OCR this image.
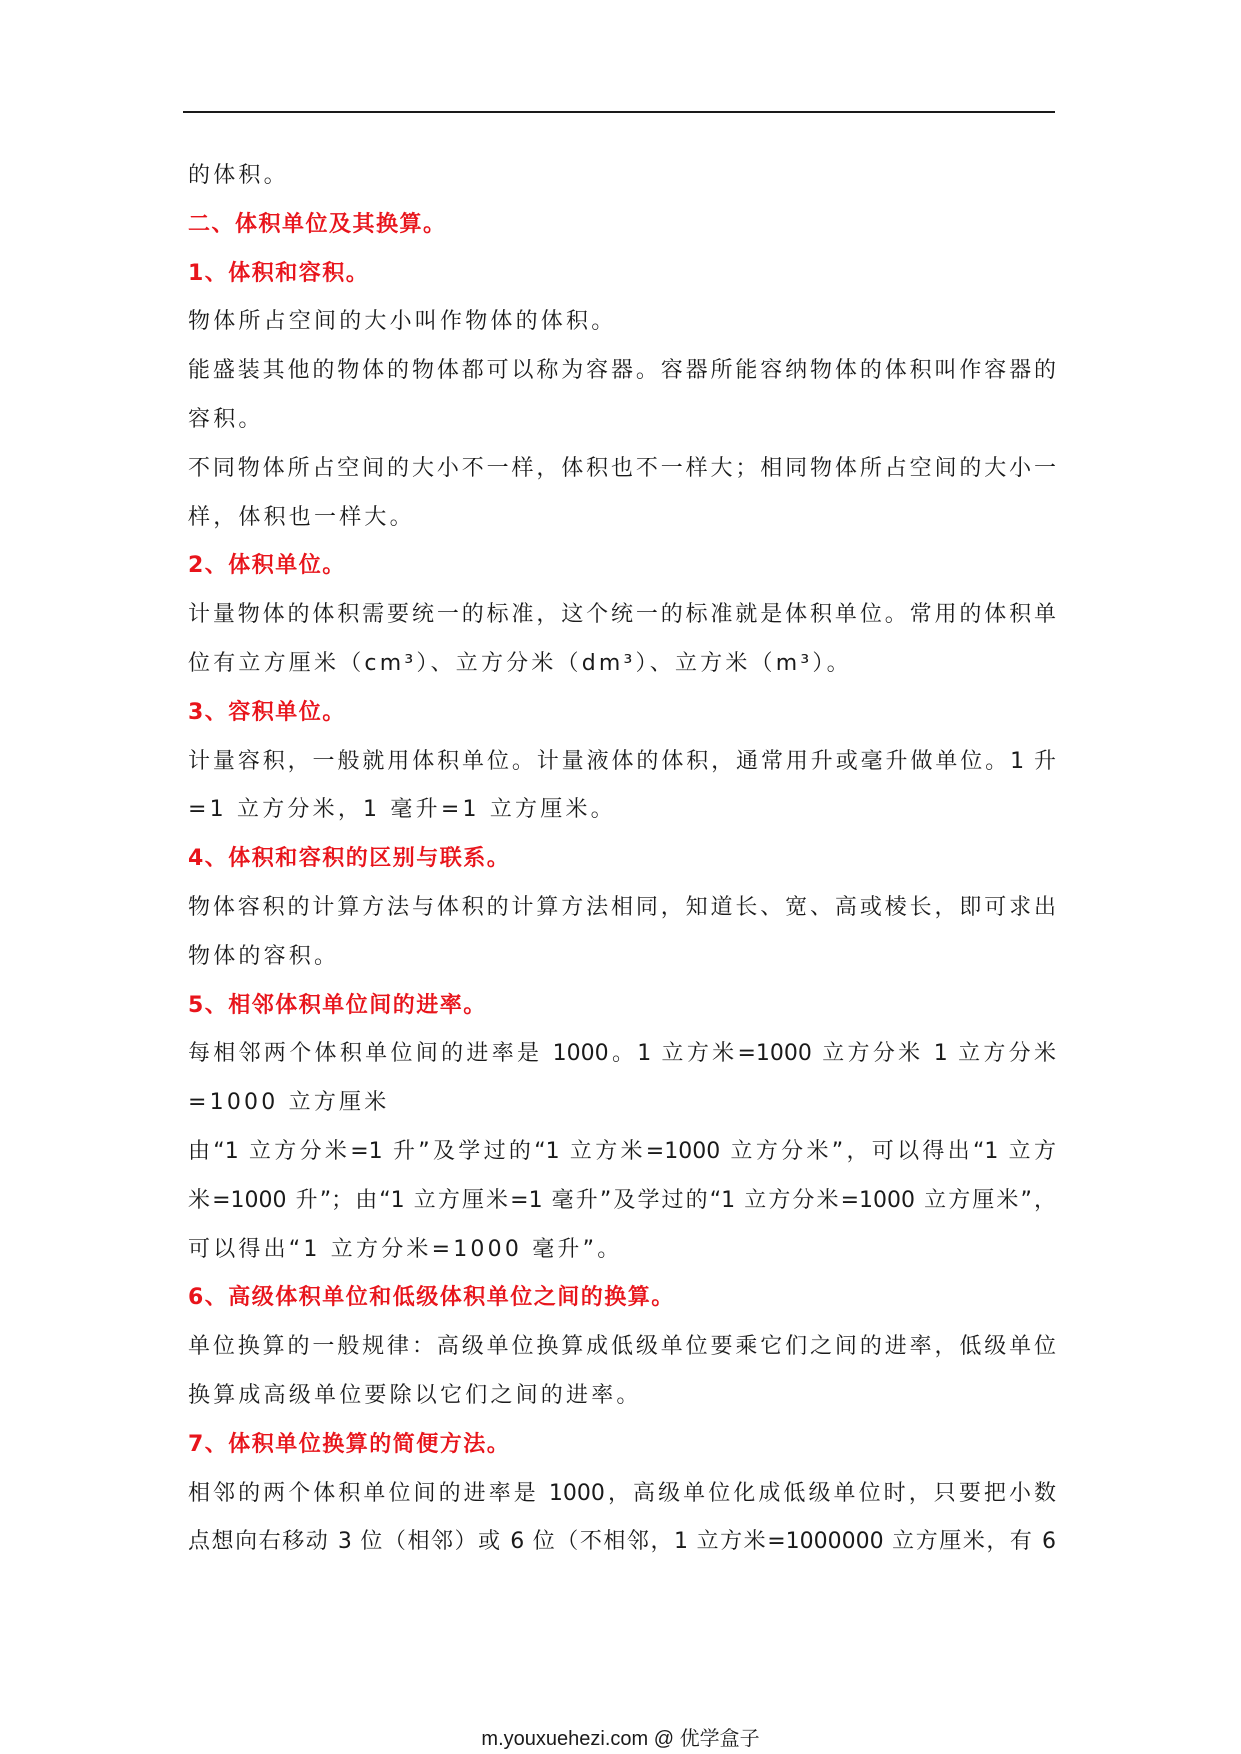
的体积。
二、体积单位及其换算。
1、体积和容积。
物体所占空间的大小叫作物体的体积。
能盛装其他的物体的物体都可以称为容器。容器所能容纳物体的体积叫作容器的
容积。
不同物体所占空间的大小不一样，体积也不一样大；相同物体所占空间的大小一
样，体积也一样大。
2、体积单位。
计量物体的体积需要统一的标准，这个统一的标准就是体积单位。常用的体积单
位有立方厘米（cm³）、立方分米（dm³）、立方米（m³）。
3、容积单位。
计量容积，一般就用体积单位。计量液体的体积，通常用升或毫升做单位。1 升
=1 立方分米，1 毫升=1 立方厘米。
4、体积和容积的区别与联系。
物体容积的计算方法与体积的计算方法相同，知道长、宽、高或棱长，即可求出
物体的容积。
5、相邻体积单位间的进率。
每相邻两个体积单位间的进率是 1000。1 立方米=1000 立方分米 1 立方分米
=1000 立方厘米
由“1 立方分米=1 升”及学过的“1 立方米=1000 立方分米”，可以得出“1 立方
米=1000 升”；由“1 立方厘米=1 毫升”及学过的“1 立方分米=1000 立方厘米”，
可以得出“1 立方分米=1000 毫升”。
6、高级体积单位和低级体积单位之间的换算。
单位换算的一般规律：高级单位换算成低级单位要乘它们之间的进率，低级单位
换算成高级单位要除以它们之间的进率。
7、体积单位换算的简便方法。
相邻的两个体积单位间的进率是 1000，高级单位化成低级单位时，只要把小数
点想向右移动 3 位（相邻）或 6 位（不相邻，1 立方米=1000000 立方厘米，有 6
m.youxuehezi.com @ 优学盒子
